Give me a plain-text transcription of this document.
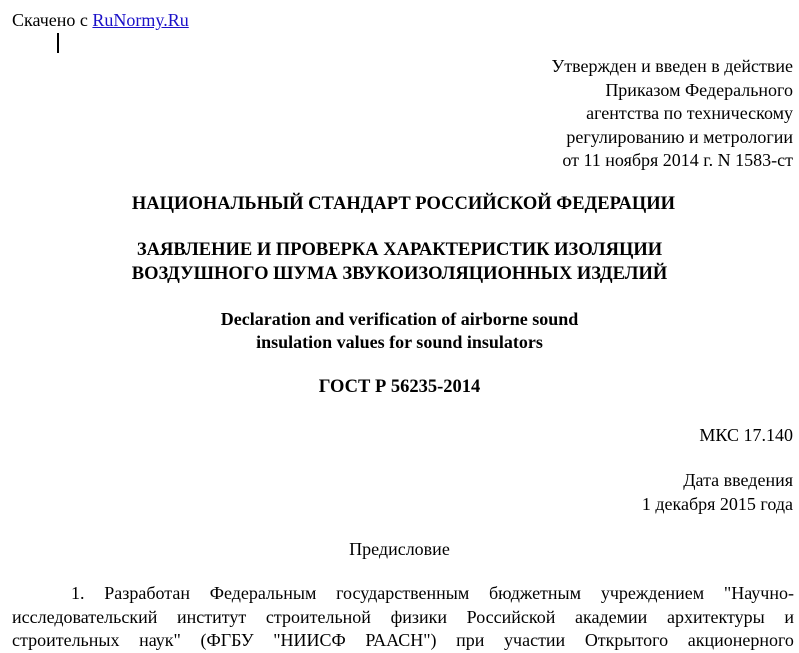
Скачено с RuNormy.Ru
Утвержден и введен в действие
Приказом Федерального
агентства по техническому
регулированию и метрологии
от 11 ноября 2014 г. N 1583-ст
НАЦИОНАЛЬНЫЙ СТАНДАРТ РОССИЙСКОЙ ФЕДЕРАЦИИ
ЗАЯВЛЕНИЕ И ПРОВЕРКА ХАРАКТЕРИСТИК ИЗОЛЯЦИИ
ВОЗДУШНОГО ШУМА ЗВУКОИЗОЛЯЦИОННЫХ ИЗДЕЛИЙ
Declaration and verification of airborne sound
insulation values for sound insulators
ГОСТ Р 56235-2014
МКС 17.140
Дата введения
1 декабря 2015 года
Предисловие
1. Разработан Федеральным государственным бюджетным учреждением "Научно-
исследовательский институт строительной физики Российской академии архитектуры и
строительных наук" (ФГБУ "НИИСФ РААСН") при участии Открытого акционерного
